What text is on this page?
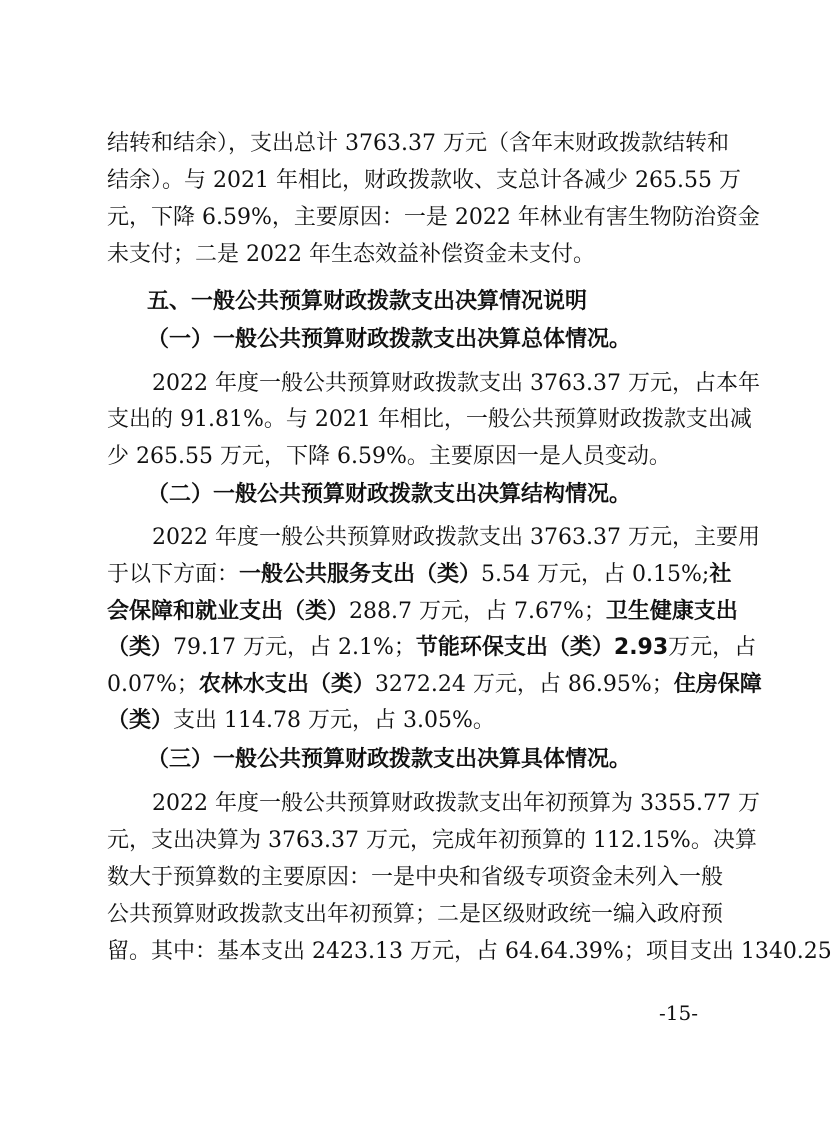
结转和结余），支出总计 3763.37 万元（含年末财政拨款结转和
结余）。与 2021 年相比，财政拨款收、支总计各减少 265.55 万
元，下降 6.59%，主要原因：一是 2022 年林业有害生物防治资金
未支付；二是 2022 年生态效益补偿资金未支付。
五、一般公共预算财政拨款支出决算情况说明
（一）一般公共预算财政拨款支出决算总体情况。
2022 年度一般公共预算财政拨款支出 3763.37 万元，占本年
支出的 91.81%。与 2021 年相比，一般公共预算财政拨款支出减
少 265.55 万元，下降 6.59%。主要原因一是人员变动。
（二）一般公共预算财政拨款支出决算结构情况。
2022 年度一般公共预算财政拨款支出 3763.37 万元，主要用
于以下方面：一般公共服务支出（类）5.54 万元，占 0.15%;社
会保障和就业支出（类）288.7 万元，占 7.67%；卫生健康支出
（类）79.17 万元，占 2.1%；节能环保支出（类）2.93万元，占
0.07%；农林水支出（类）3272.24 万元，占 86.95%；住房保障
（类）支出 114.78 万元，占 3.05%。
（三）一般公共预算财政拨款支出决算具体情况。
2022 年度一般公共预算财政拨款支出年初预算为 3355.77 万
元，支出决算为 3763.37 万元，完成年初预算的 112.15%。决算
数大于预算数的主要原因：一是中央和省级专项资金未列入一般
公共预算财政拨款支出年初预算；二是区级财政统一编入政府预
留。其中：基本支出 2423.13 万元，占 64.64.39%；项目支出 1340.25
-15-
